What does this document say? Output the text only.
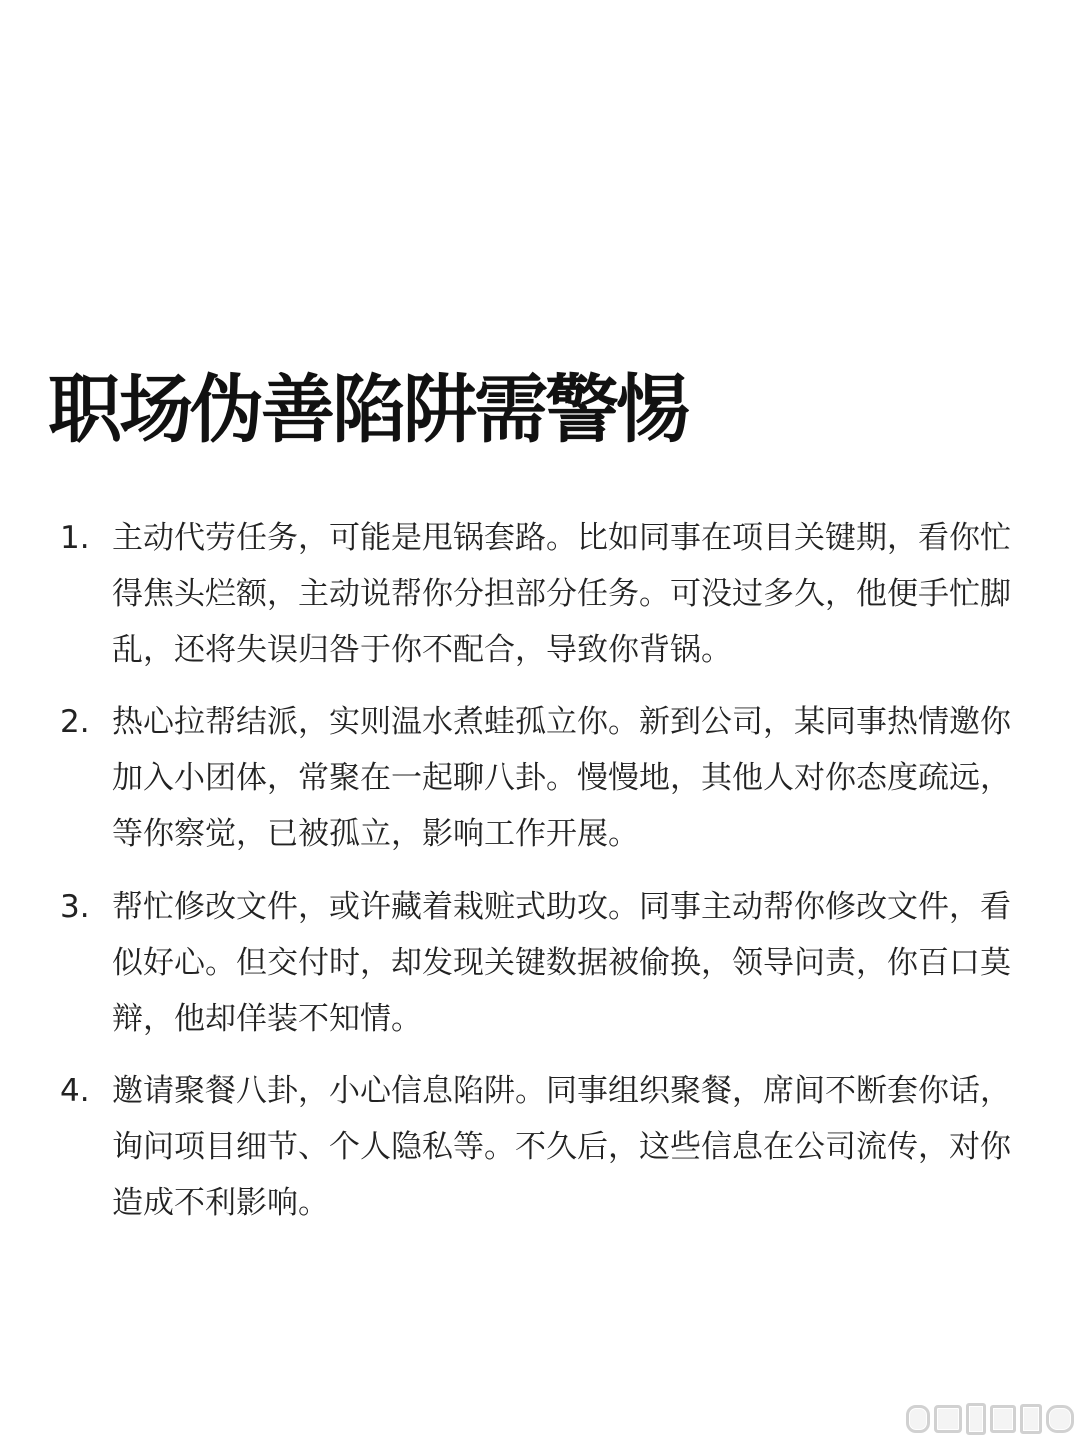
职场伪善陷阱需警惕
1. 主动代劳任务，可能是甩锅套路。比如同事在项目关键期，看你忙得焦头烂额，主动说帮你分担部分任务。可没过多久，他便手忙脚乱，还将失误归咎于你不配合，导致你背锅。

2. 热心拉帮结派，实则温水煮蛙孤立你。新到公司，某同事热情邀你加入小团体，常聚在一起聊八卦。慢慢地，其他人对你态度疏远，等你察觉，已被孤立，影响工作开展。

3. 帮忙修改文件，或许藏着栽赃式助攻。同事主动帮你修改文件，看似好心。但交付时，却发现关键数据被偷换，领导问责，你百口莫辩，他却佯装不知情。

4. 邀请聚餐八卦，小心信息陷阱。同事组织聚餐，席间不断套你话，询问项目细节、个人隐私等。不久后，这些信息在公司流传，对你造成不利影响。
